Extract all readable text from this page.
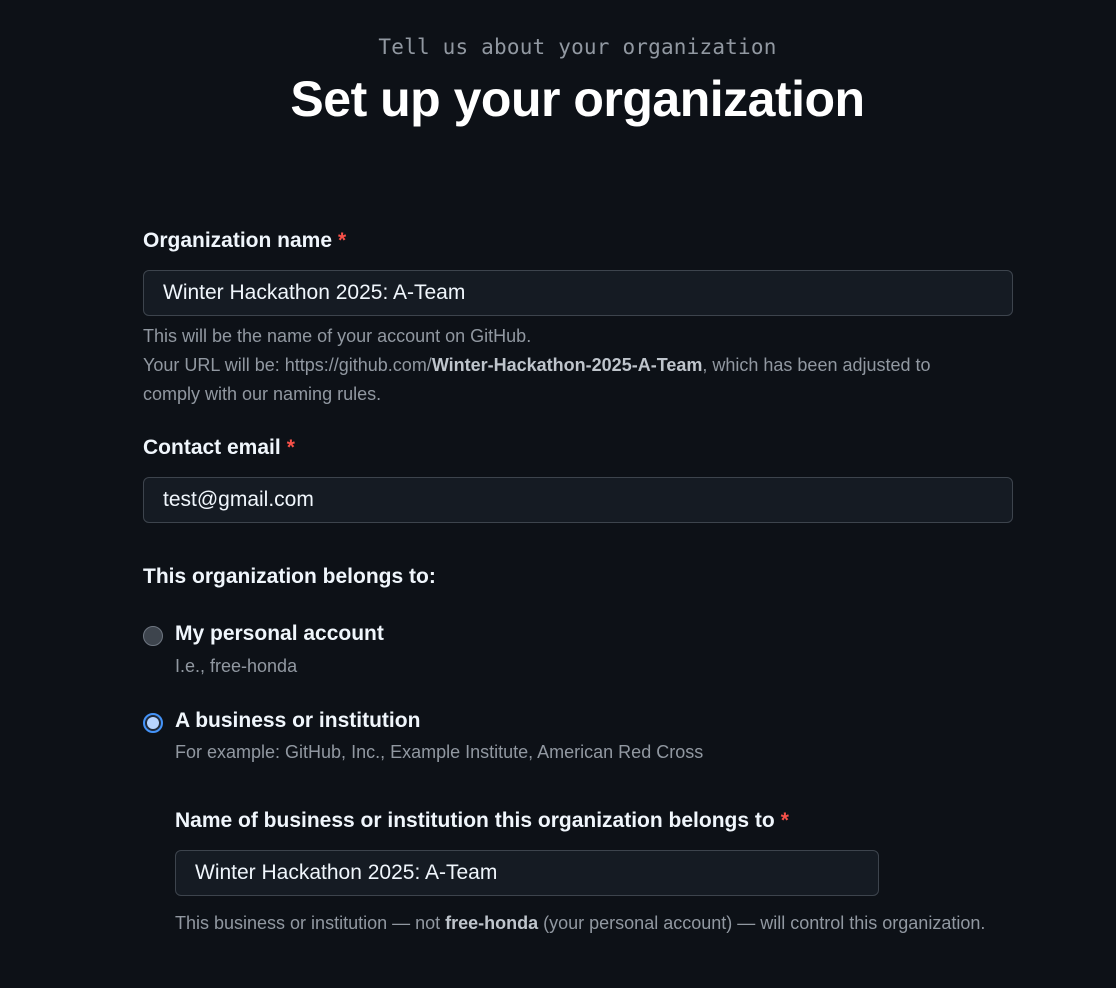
Tell us about your organization
Set up your organization
Organization name *
Winter Hackathon 2025: A-Team
This will be the name of your account on GitHub.
Your URL will be: https://github.com/Winter-Hackathon-2025-A-Team, which has been adjusted to comply with our naming rules.
Contact email *
test@gmail.com
This organization belongs to:
My personal account
I.e., free-honda
A business or institution
For example: GitHub, Inc., Example Institute, American Red Cross
Name of business or institution this organization belongs to *
Winter Hackathon 2025: A-Team
This business or institution — not free-honda (your personal account) — will control this organization.
